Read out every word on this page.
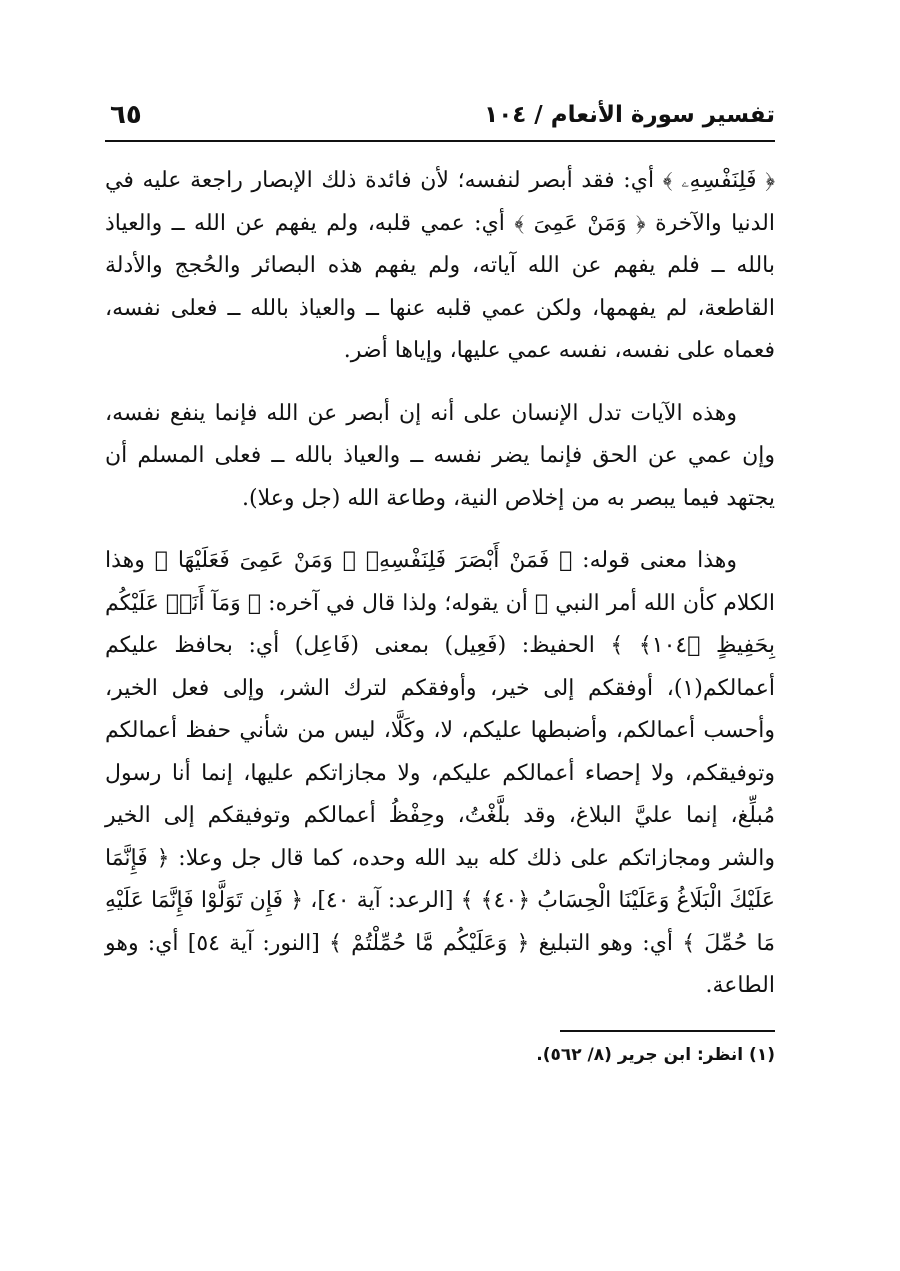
تفسير سورة الأنعام / ١٠٤
٦٥

﴿ فَلِنَفْسِهِۦ ﴾ أي: فقد أبصر لنفسه؛ لأن فائدة ذلك الإبصار راجعة عليه في الدنيا والآخرة ﴿ وَمَنْ عَمِىَ ﴾ أي: عمي قلبه، ولم يفهم عن الله ــ والعياذ بالله ــ فلم يفهم عن الله آياته، ولم يفهم هذه البصائر والحُجج والأدلة القاطعة، لم يفهمها، ولكن عمي قلبه عنها ــ والعياذ بالله ــ فعلى نفسه، فعماه على نفسه، نفسه عمي عليها، وإياها أضر.

وهذه الآيات تدل الإنسان على أنه إن أبصر عن الله فإنما ينفع نفسه، وإن عمي عن الحق فإنما يضر نفسه ــ والعياذ بالله ــ فعلى المسلم أن يجتهد فيما يبصر به من إخلاص النية، وطاعة الله (جل وعلا).

وهذا معنى قوله: ﴿ فَمَنْ أَبْصَرَ فَلِنَفْسِهِۦ ۖ وَمَنْ عَمِىَ فَعَلَيْهَا ﴾ وهذا الكلام كأن الله أمر النبي ﷺ أن يقوله؛ ولذا قال في آخره: ﴿ وَمَآ أَنَا۠ عَلَيْكُم بِحَفِيظٍ ﴿١٠٤﴾ ﴾ الحفيظ: (فَعِيل) بمعنى (فَاعِل) أي: بحافظ عليكم أعمالكم(١)، أوفقكم إلى خير، وأوفقكم لترك الشر، وإلى فعل الخير، وأحسب أعمالكم، وأضبطها عليكم، لا، وكَلَّا، ليس من شأني حفظ أعمالكم وتوفيقكم، ولا إحصاء أعمالكم عليكم، ولا مجازاتكم عليها، إنما أنا رسول مُبلِّغ، إنما عليَّ البلاغ، وقد بلَّغْتُ، وحِفْظُ أعمالكم وتوفيقكم إلى الخير والشر ومجازاتكم على ذلك كله بيد الله وحده، كما قال جل وعلا: ﴿ فَإِنَّمَا عَلَيْكَ الْبَلَاغُ وَعَلَيْنَا الْحِسَابُ ﴿٤٠﴾ ﴾ [الرعد: آية ٤٠]، ﴿ فَإِن تَوَلَّوْا فَإِنَّمَا عَلَيْهِ مَا حُمِّلَ ﴾ أي: وهو التبليغ ﴿ وَعَلَيْكُم مَّا حُمِّلْتُمْ ﴾ [النور: آية ٥٤] أي: وهو الطاعة.

(١) انظر: ابن جرير (٨/ ٥٦٢).
